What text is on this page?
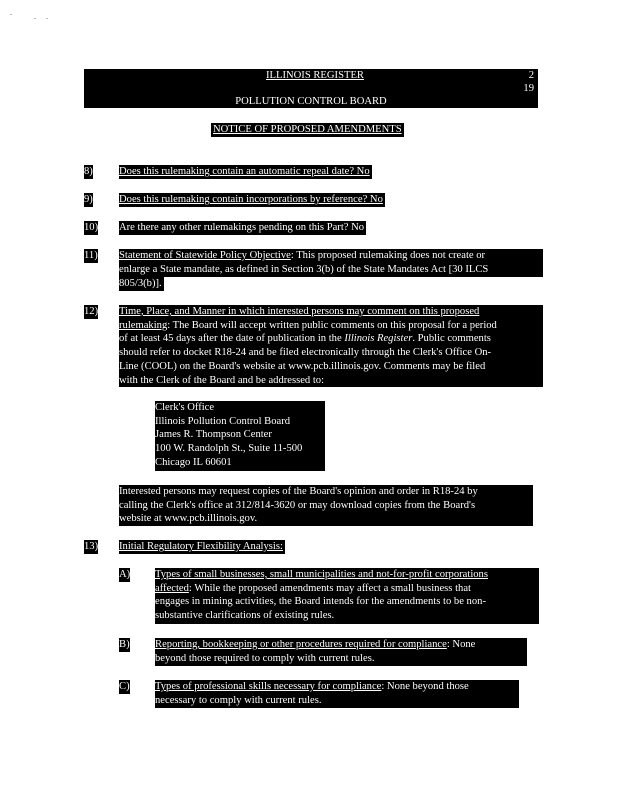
ILLINOIS REGISTER	2
19
POLLUTION CONTROL BOARD
NOTICE OF PROPOSED AMENDMENTS
8) Does this rulemaking contain an automatic repeal date? No
9) Does this rulemaking contain incorporations by reference? No
10) Are there any other rulemakings pending on this Part? No
11) Statement of Statewide Policy Objective: This proposed rulemaking does not create or
enlarge a State mandate, as defined in Section 3(b) of the State Mandates Act [30 ILCS
805/3(b)].
12) Time, Place, and Manner in which interested persons may comment on this proposed
rulemaking: The Board will accept written public comments on this proposal for a period
of at least 45 days after the date of publication in the Illinois Register. Public comments
should refer to docket R18-24 and be filed electronically through the Clerk's Office On-
Line (COOL) on the Board's website at www.pcb.illinois.gov. Comments may be filed
with the Clerk of the Board and be addressed to:
Clerk's Office
Illinois Pollution Control Board
James R. Thompson Center
100 W. Randolph St., Suite 11-500
Chicago IL 60601
Interested persons may request copies of the Board's opinion and order in R18-24 by
calling the Clerk's office at 312/814-3620 or may download copies from the Board's
website at www.pcb.illinois.gov.
13) Initial Regulatory Flexibility Analysis:
A) Types of small businesses, small municipalities and not-for-profit corporations
affected: While the proposed amendments may affect a small business that
engages in mining activities, the Board intends for the amendments to be non-
substantive clarifications of existing rules.
B) Reporting, bookkeeping or other procedures required for compliance: None
beyond those required to comply with current rules.
C) Types of professional skills necessary for compliance: None beyond those
necessary to comply with current rules.
